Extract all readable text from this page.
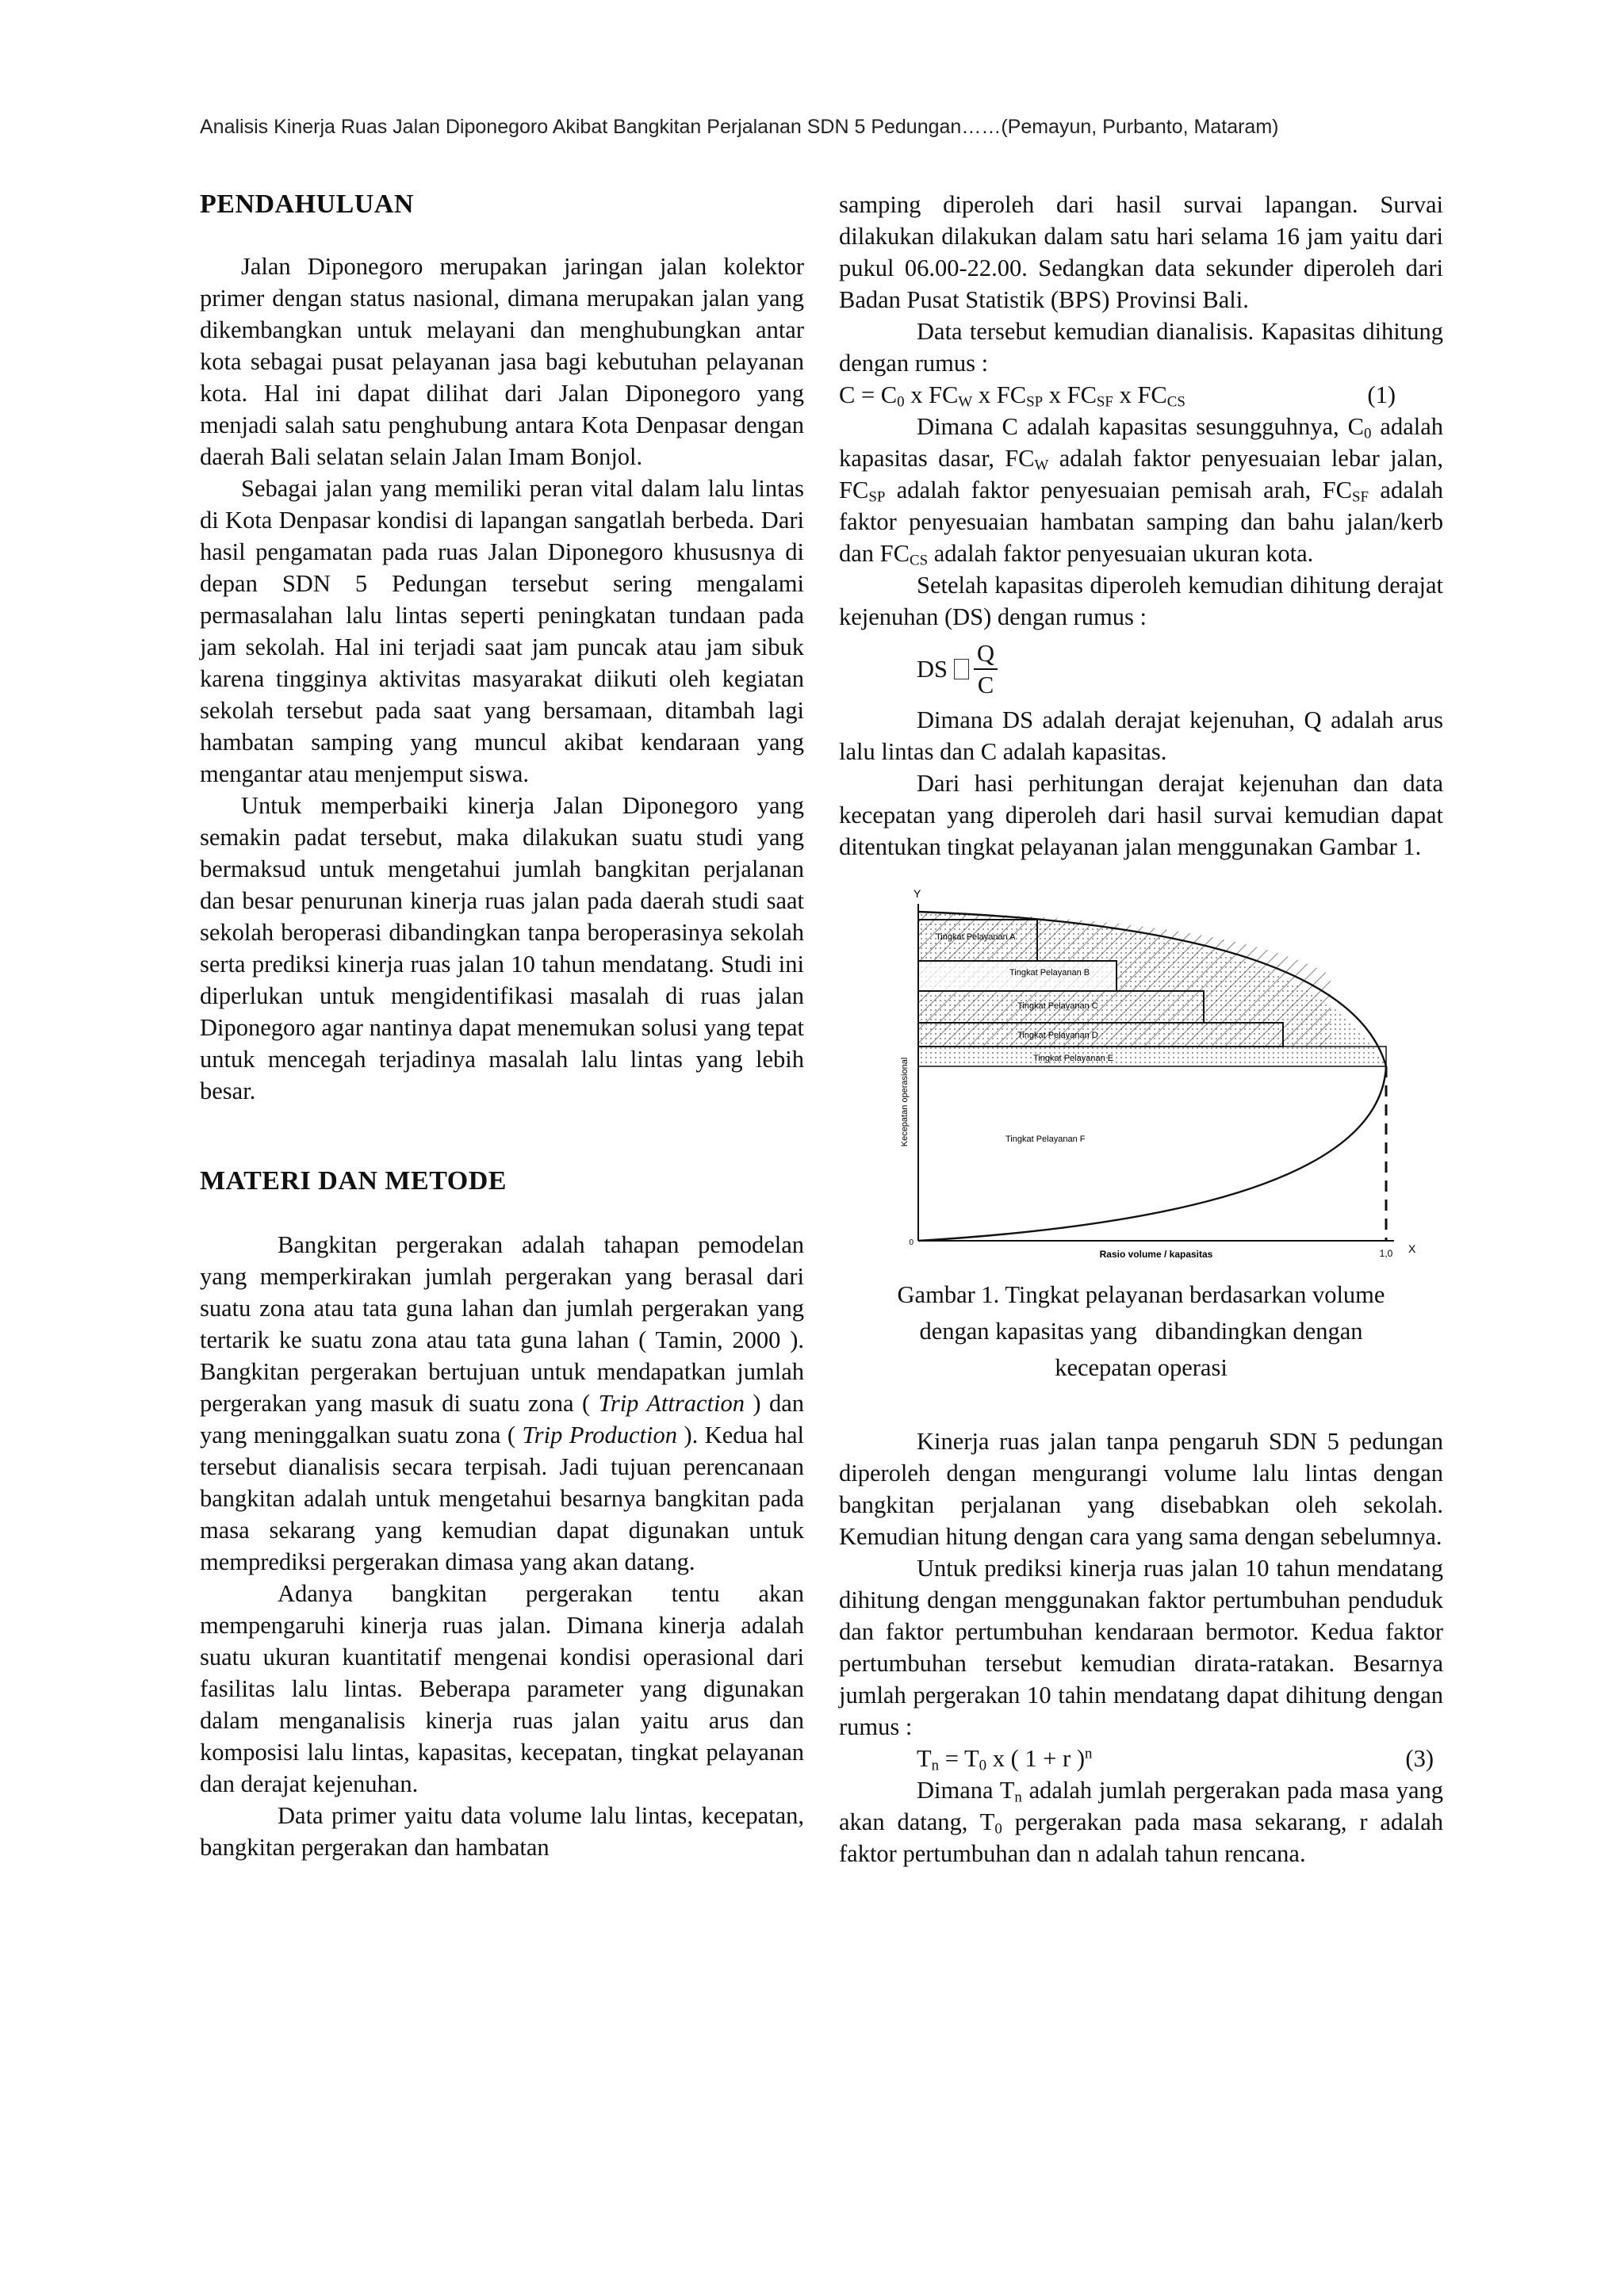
Analisis Kinerja Ruas Jalan Diponegoro Akibat Bangkitan Perjalanan SDN 5 Pedungan……(Pemayun, Purbanto, Mataram)
PENDAHULUAN

Jalan Diponegoro merupakan jaringan jalan kolektor primer dengan status nasional, dimana merupakan jalan yang dikembangkan untuk melayani dan menghubungkan antar kota sebagai pusat pelayanan jasa bagi kebutuhan pelayanan kota. Hal ini dapat dilihat dari Jalan Diponegoro yang menjadi salah satu penghubung antara Kota Denpasar dengan daerah Bali selatan selain Jalan Imam Bonjol.

Sebagai jalan yang memiliki peran vital dalam lalu lintas di Kota Denpasar kondisi di lapangan sangatlah berbeda. Dari hasil pengamatan pada ruas Jalan Diponegoro khususnya di depan SDN 5 Pedungan tersebut sering mengalami permasalahan lalu lintas seperti peningkatan tundaan pada jam sekolah. Hal ini terjadi saat jam puncak atau jam sibuk karena tingginya aktivitas masyarakat diikuti oleh kegiatan sekolah tersebut pada saat yang bersamaan, ditambah lagi hambatan samping yang muncul akibat kendaraan yang mengantar atau menjemput siswa.

Untuk memperbaiki kinerja Jalan Diponegoro yang semakin padat tersebut, maka dilakukan suatu studi yang bermaksud untuk mengetahui jumlah bangkitan perjalanan dan besar penurunan kinerja ruas jalan pada daerah studi saat sekolah beroperasi dibandingkan tanpa beroperasinya sekolah serta prediksi kinerja ruas jalan 10 tahun mendatang. Studi ini diperlukan untuk mengidentifikasi masalah di ruas jalan Diponegoro agar nantinya dapat menemukan solusi yang tepat untuk mencegah terjadinya masalah lalu lintas yang lebih besar.

MATERI DAN METODE

Bangkitan pergerakan adalah tahapan pemodelan yang memperkirakan jumlah pergerakan yang berasal dari suatu zona atau tata guna lahan dan jumlah pergerakan yang tertarik ke suatu zona atau tata guna lahan ( Tamin, 2000 ). Bangkitan pergerakan bertujuan untuk mendapatkan jumlah pergerakan yang masuk di suatu zona ( Trip Attraction ) dan yang meninggalkan suatu zona ( Trip Production ). Kedua hal tersebut dianalisis secara terpisah. Jadi tujuan perencanaan bangkitan adalah untuk mengetahui besarnya bangkitan pada masa sekarang yang kemudian dapat digunakan untuk memprediksi pergerakan dimasa yang akan datang.

Adanya bangkitan pergerakan tentu akan mempengaruhi kinerja ruas jalan. Dimana kinerja adalah suatu ukuran kuantitatif mengenai kondisi operasional dari fasilitas lalu lintas. Beberapa parameter yang digunakan dalam menganalisis kinerja ruas jalan yaitu arus dan komposisi lalu lintas, kapasitas, kecepatan, tingkat pelayanan dan derajat kejenuhan.

Data primer yaitu data volume lalu lintas, kecepatan, bangkitan pergerakan dan hambatan

samping diperoleh dari hasil survai lapangan. Survai dilakukan dilakukan dalam satu hari selama 16 jam yaitu dari pukul 06.00-22.00. Sedangkan data sekunder diperoleh dari Badan Pusat Statistik (BPS) Provinsi Bali.

Data tersebut kemudian dianalisis. Kapasitas dihitung dengan rumus :

$C = C_0$ x $FC_W$ x $FC_{SP}$ x $FC_{SF}$ x $FC_{CS}$	(1)

Dimana C adalah kapasitas sesungguhnya, $C_0$ adalah kapasitas dasar, $FC_W$ adalah faktor penyesuaian lebar jalan, $FC_{SP}$ adalah faktor penyesuaian pemisah arah, $FC_{SF}$ adalah faktor penyesuaian hambatan samping dan bahu jalan/kerb dan $FC_{CS}$ adalah faktor penyesuaian ukuran kota.

Setelah kapasitas diperoleh kemudian dihitung derajat kejenuhan (DS) dengan rumus :

DS $\frac{Q}{C}$

Dimana DS adalah derajat kejenuhan, Q adalah arus lalu lintas dan C adalah kapasitas.

Dari hasi perhitungan derajat kejenuhan dan data kecepatan yang diperoleh dari hasil survai kemudian dapat ditentukan tingkat pelayanan jalan menggunakan Gambar 1.

Y
X
0
1,0
Rasio volume / kapasitas
Kecepatan operasional
Tingkat Pelayanan A
Tingkat Pelayanan B
Tingkat Pelayanan C
Tingkat Pelayanan D
Tingkat Pelayanan E
Tingkat Pelayanan F
Gambar 1. Tingkat pelayanan berdasarkan volume
dengan kapasitas yang   dibandingkan dengan
kecepatan operasi

Kinerja ruas jalan tanpa pengaruh SDN 5 pedungan diperoleh dengan mengurangi volume lalu lintas dengan bangkitan perjalanan yang disebabkan oleh sekolah. Kemudian hitung dengan cara yang sama dengan sebelumnya.

Untuk prediksi kinerja ruas jalan 10 tahun mendatang dihitung dengan menggunakan faktor pertumbuhan penduduk dan faktor pertumbuhan kendaraan bermotor. Kedua faktor pertumbuhan tersebut kemudian dirata-ratakan. Besarnya jumlah pergerakan 10 tahin mendatang dapat dihitung dengan rumus :

$T_n = T_0$ x ( 1 + r )$^n$	(3)

Dimana $T_n$ adalah jumlah pergerakan pada masa yang akan datang, $T_0$ pergerakan pada masa sekarang, r adalah faktor pertumbuhan dan n adalah tahun rencana.
